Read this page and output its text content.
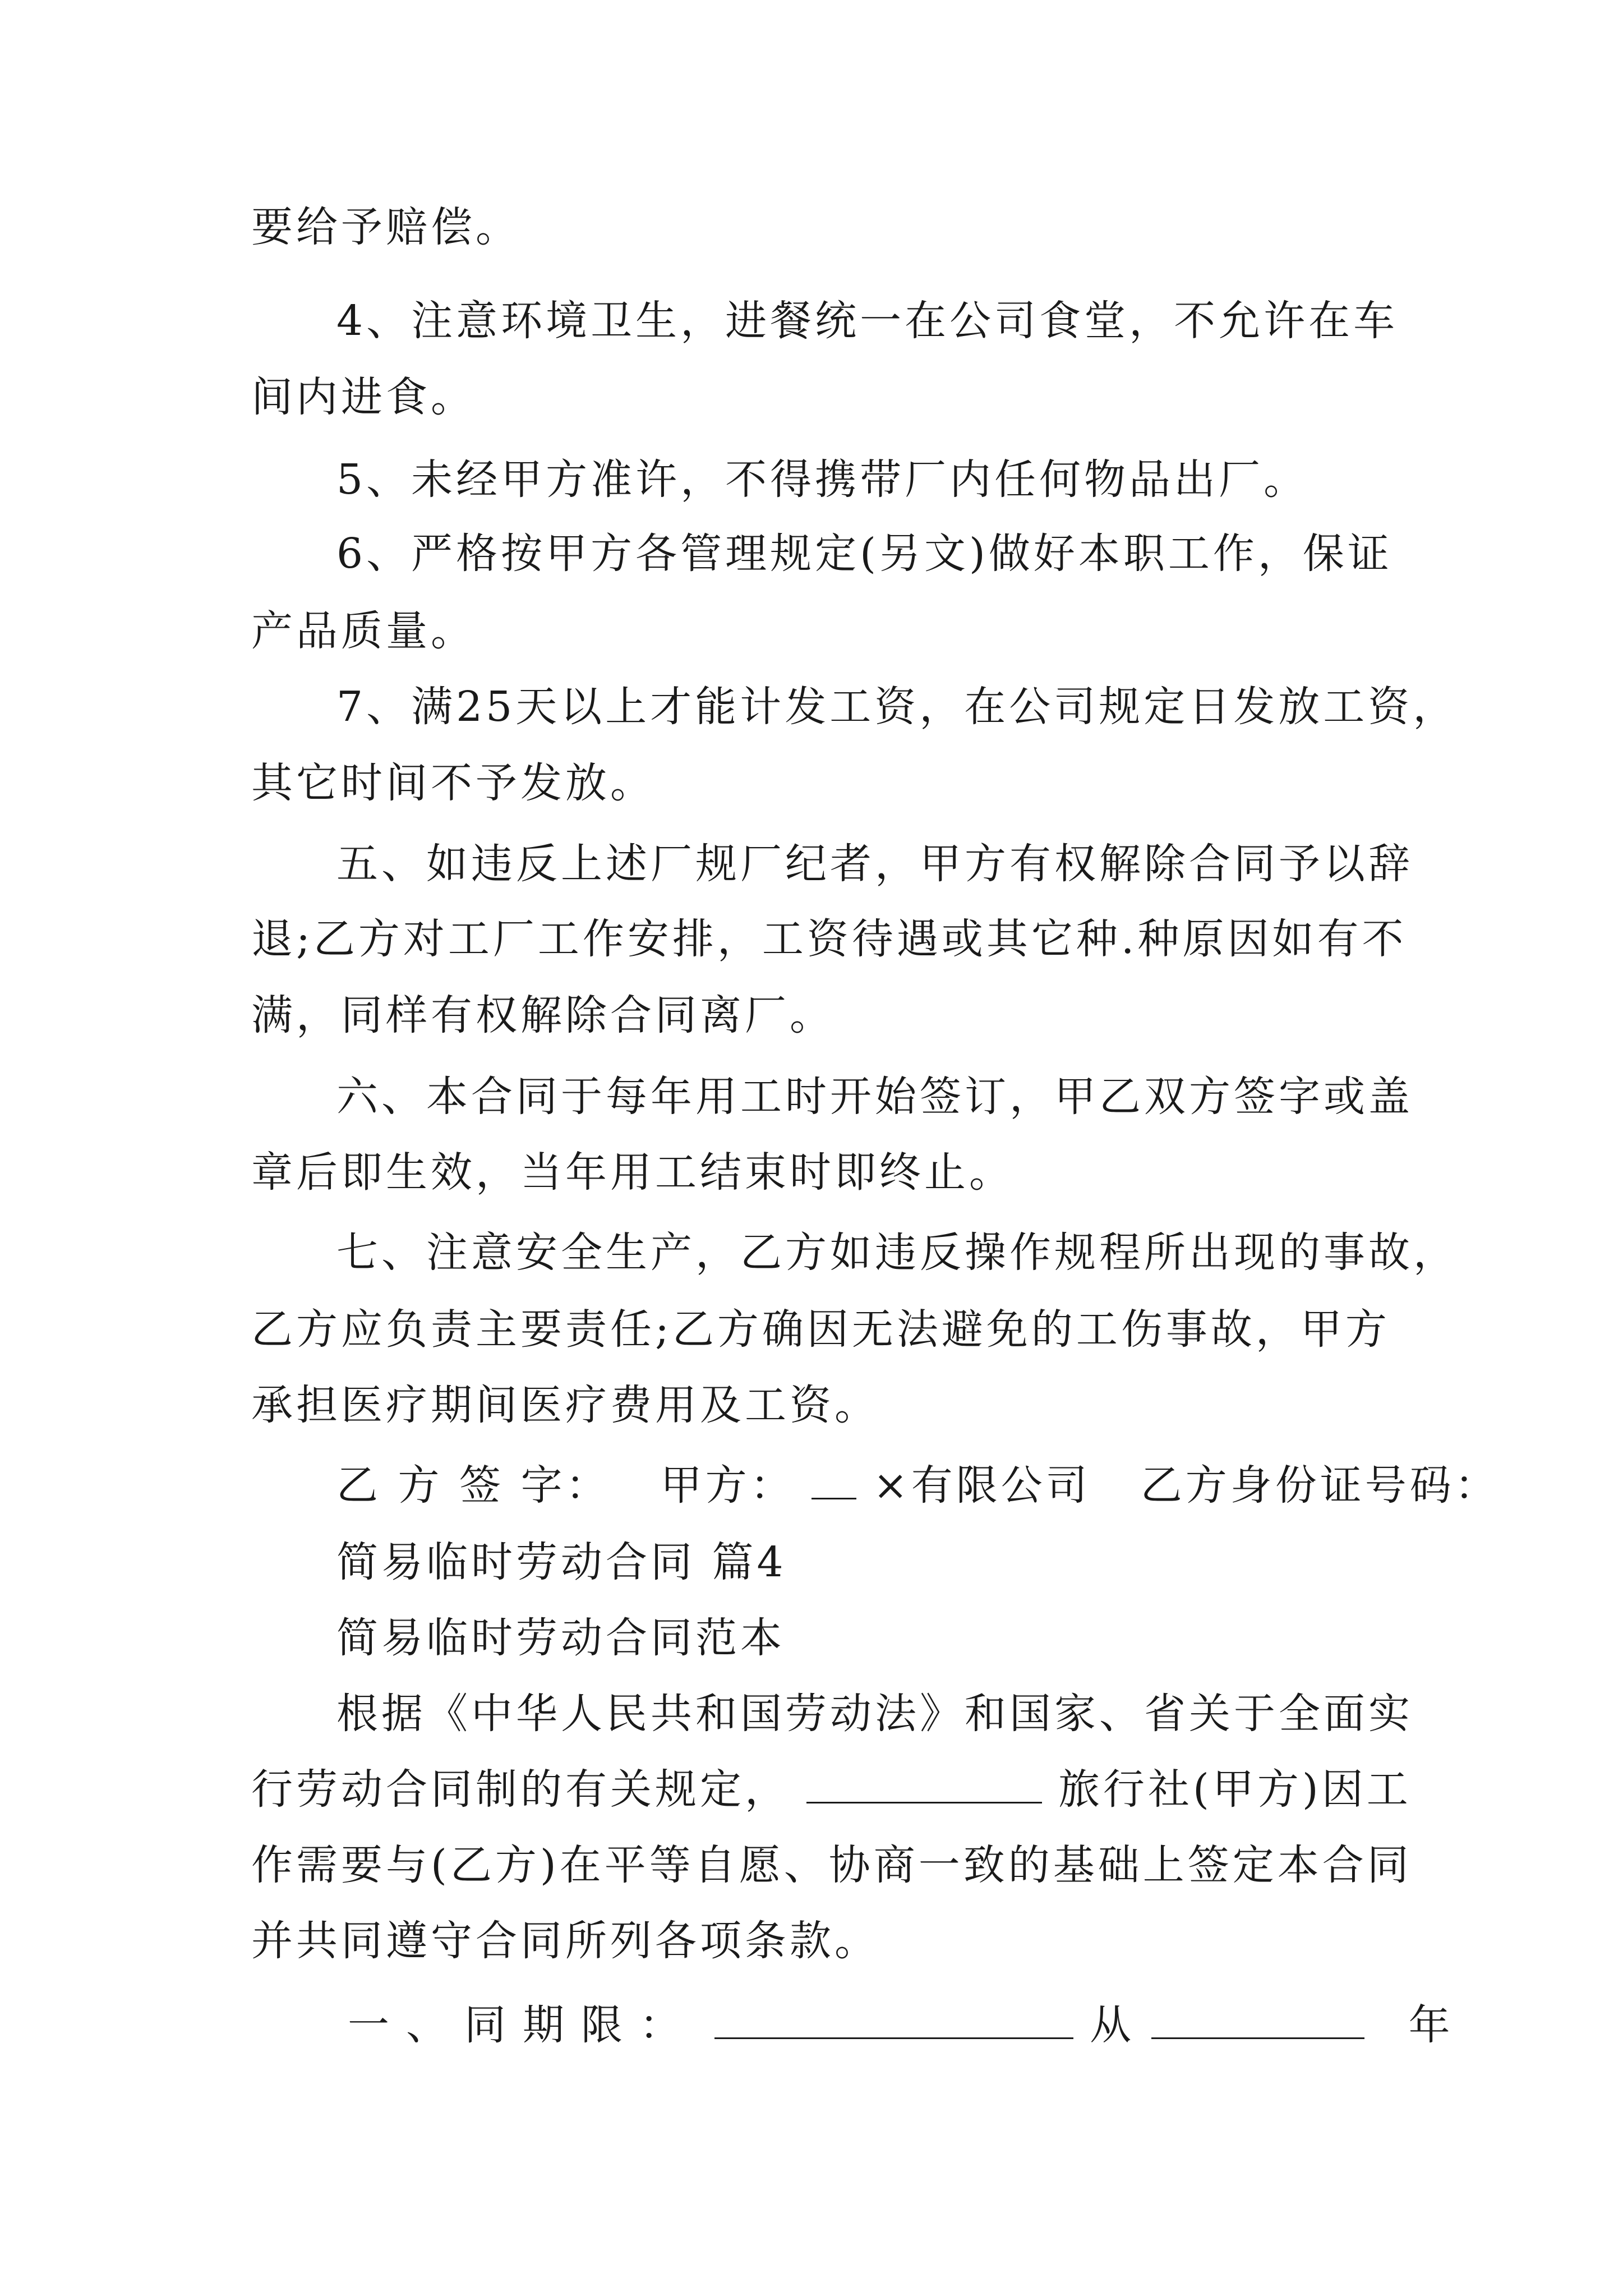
要给予赔偿。
4、注意环境卫生，进餐统一在公司食堂，不允许在车
间内进食。
5、未经甲方准许，不得携带厂内任何物品出厂。
6、严格按甲方各管理规定(另文)做好本职工作，保证
产品质量。
7、满25天以上才能计发工资，在公司规定日发放工资，
其它时间不予发放。
五、如违反上述厂规厂纪者，甲方有权解除合同予以辞
退;乙方对工厂工作安排，工资待遇或其它种.种原因如有不
满，同样有权解除合同离厂。
六、本合同于每年用工时开始签订，甲乙双方签字或盖
章后即生效，当年用工结束时即终止。
七、注意安全生产，乙方如违反操作规程所出现的事故，
乙方应负责主要责任;乙方确因无法避免的工伤事故，甲方
承担医疗期间医疗费用及工资。
乙 方 签 字： 甲方： ×有限公司 乙方身份证号码：
简易临时劳动合同 篇4
简易临时劳动合同范本
根据《中华人民共和国劳动法》和国家、省关于全面实
行劳动合同制的有关规定，	旅行社(甲方)因工
作需要与(乙方)在平等自愿、协商一致的基础上签定本合同
并共同遵守合同所列各项条款。
一、同期限：	从	年
